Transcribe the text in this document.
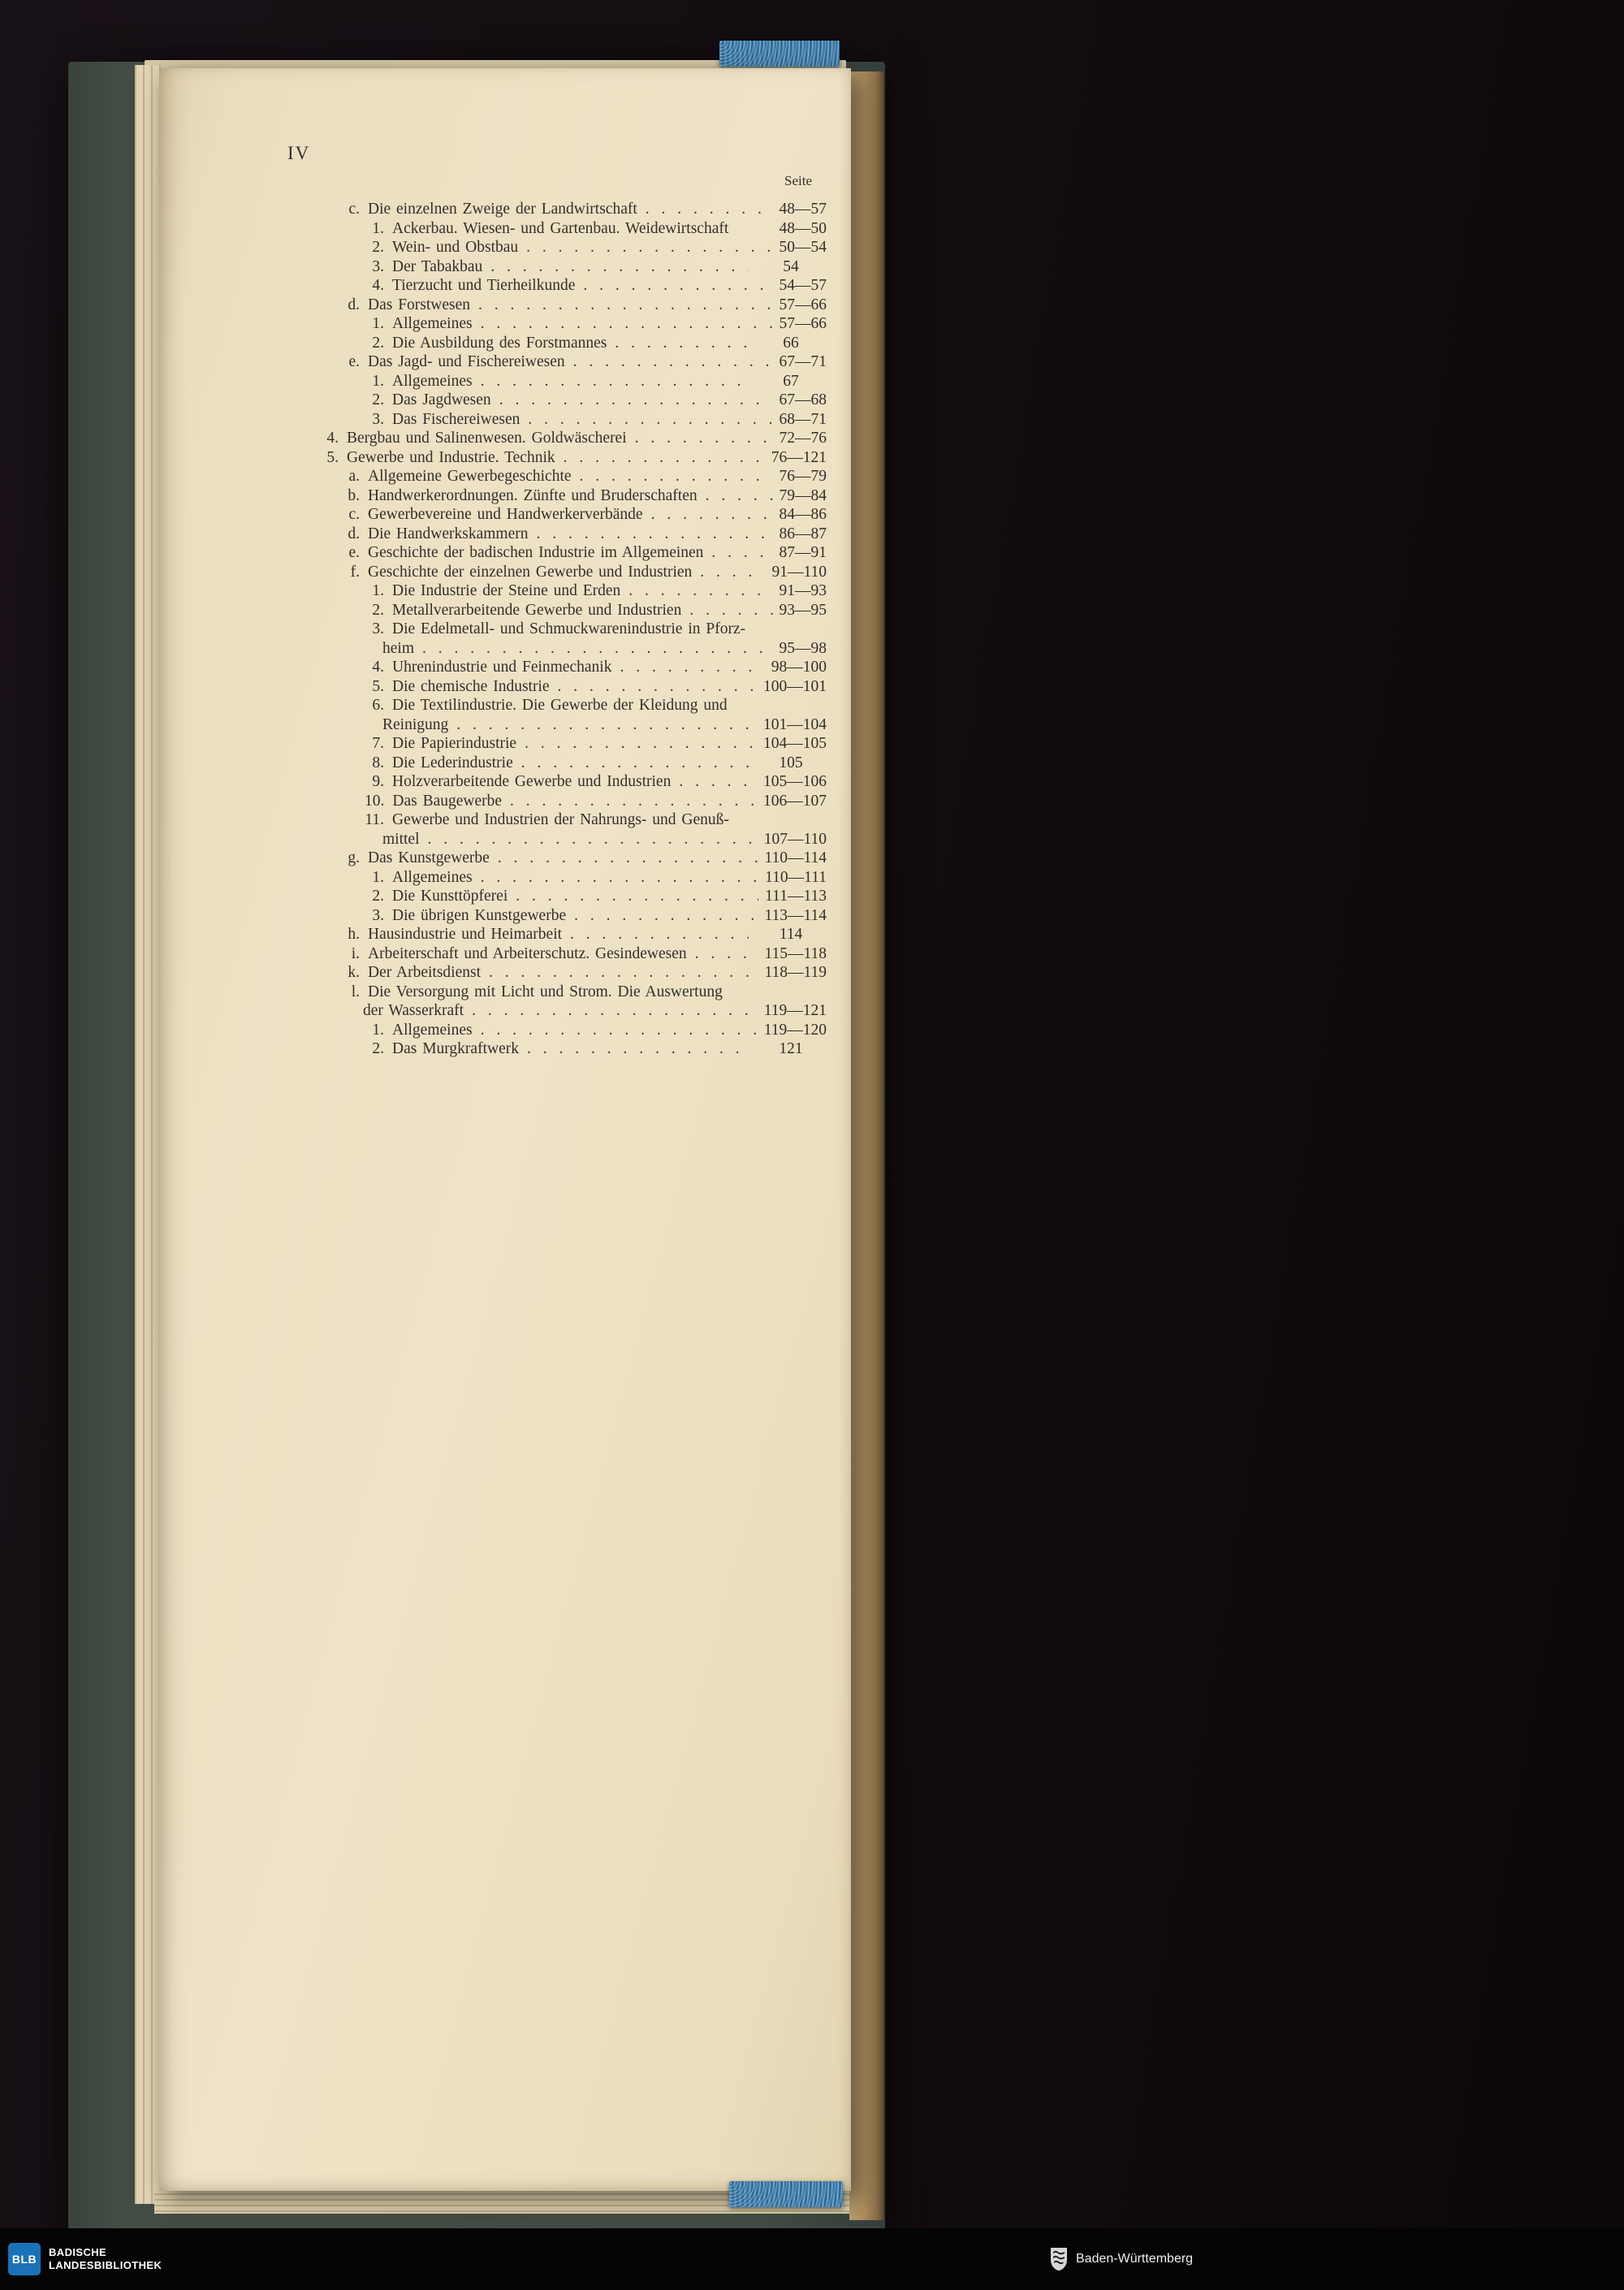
IV
Seite
c. Die einzelnen Zweige der Landwirtschaft . . .	48—57
1. Ackerbau. Wiesen- und Gartenbau. Weidewirtschaft	48—50
2. Wein- und Obstbau . . .	50—54
3. Der Tabakbau . . .	54
4. Tierzucht und Tierheilkunde . . .	54—57
d. Das Forstwesen . . .	57—66
1. Allgemeines . . .	57—66
2. Die Ausbildung des Forstmannes . . .	66
e. Das Jagd- und Fischereiwesen . . .	67—71
1. Allgemeines . . .	67
2. Das Jagdwesen . . .	67—68
3. Das Fischereiwesen . . .	68—71
4. Bergbau und Salinenwesen. Goldwäscherei . . .	72—76
5. Gewerbe und Industrie. Technik . . .	76—121
a. Allgemeine Gewerbegeschichte . . .	76—79
b. Handwerkerordnungen. Zünfte und Bruderschaften . . .	79—84
c. Gewerbevereine und Handwerkerverbände . . .	84—86
d. Die Handwerkskammern . . .	86—87
e. Geschichte der badischen Industrie im Allgemeinen . . .	87—91
f. Geschichte der einzelnen Gewerbe und Industrien . . .	91—110
1. Die Industrie der Steine und Erden . . .	91—93
2. Metallverarbeitende Gewerbe und Industrien . . .	93—95
3. Die Edelmetall- und Schmuckwarenindustrie in Pforz-
heim . . .	95—98
4. Uhrenindustrie und Feinmechanik . . .	98—100
5. Die chemische Industrie . . .	100—101
6. Die Textilindustrie. Die Gewerbe der Kleidung und
Reinigung . . .	101—104
7. Die Papierindustrie . . .	104—105
8. Die Lederindustrie . . .	105
9. Holzverarbeitende Gewerbe und Industrien . . .	105—106
10. Das Baugewerbe . . .	106—107
11. Gewerbe und Industrien der Nahrungs- und Genuß-
mittel . . .	107—110
g. Das Kunstgewerbe . . .	110—114
1. Allgemeines . . .	110—111
2. Die Kunsttöpferei . . .	111—113
3. Die übrigen Kunstgewerbe . . .	113—114
h. Hausindustrie und Heimarbeit . . .	114
i. Arbeiterschaft und Arbeiterschutz. Gesindewesen . . .	115—118
k. Der Arbeitsdienst . . .	118—119
l. Die Versorgung mit Licht und Strom. Die Auswertung
der Wasserkraft . . .	119—121
1. Allgemeines . . .	119—120
2. Das Murgkraftwerk . . .	121
BLB
BADISCHE
LANDESBIBLIOTHEK	Baden-Württemberg
